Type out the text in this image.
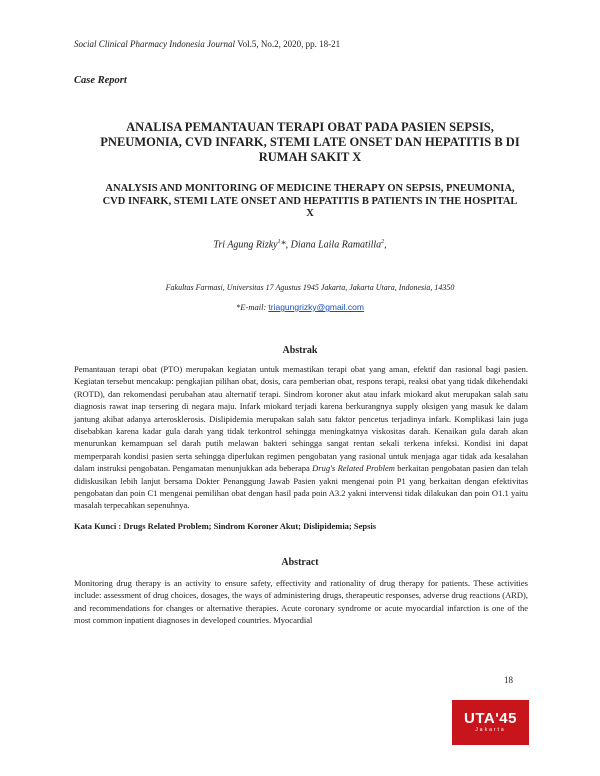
Social Clinical Pharmacy Indonesia Journal Vol.5, No.2, 2020, pp. 18-21
Case Report
ANALISA PEMANTAUAN TERAPI OBAT PADA PASIEN SEPSIS, PNEUMONIA, CVD INFARK, STEMI LATE ONSET DAN HEPATITIS B DI RUMAH SAKIT X
ANALYSIS AND MONITORING OF MEDICINE THERAPY ON SEPSIS, PNEUMONIA, CVD INFARK, STEMI LATE ONSET AND HEPATITIS B PATIENTS IN THE HOSPITAL X
Tri Agung Rizky$^1$*, Diana Laila Ramatilla$^2$,
Fakultas Farmasi, Universitas 17 Agustus 1945 Jakarta, Jakarta Utara, Indonesia, 14350
*E-mail: triagungrizky@gmail.com
Abstrak
Pemantauan terapi obat (PTO) merupakan kegiatan untuk memastikan terapi obat yang aman, efektif dan rasional bagi pasien. Kegiatan tersebut mencakup: pengkajian pilihan obat, dosis, cara pemberian obat, respons terapi, reaksi obat yang tidak dikehendaki (ROTD), dan rekomendasi perubahan atau alternatif terapi. Sindrom koroner akut atau infark miokard akut merupakan salah satu diagnosis rawat inap tersering di negara maju. Infark miokard terjadi karena berkurangnya supply oksigen yang masuk ke dalam jantung akibat adanya arterosklerosis. Dislipidemia merupakan salah satu faktor pencetus terjadinya infark. Komplikasi lain juga disebabkan karena kadar gula darah yang tidak terkontrol sehingga meningkatnya viskositas darah. Kenaikan gula darah akan menurunkan kemampuan sel darah putih melawan bakteri sehingga sangat rentan sekali terkena infeksi. Kondisi ini dapat memperparah kondisi pasien serta sehingga diperlukan regimen pengobatan yang rasional untuk menjaga agar tidak ada kesalahan dalam instruksi pengobatan. Pengamatan menunjukkan ada beberapa Drug's Related Problem berkaitan pengobatan pasien dan telah didiskusikan lebih lanjut bersama Dokter Penanggung Jawab Pasien yakni mengenai poin P1 yang berkaitan dengan efektivitas pengobatan dan poin C1 mengenai pemilihan obat dengan hasil pada poin A3.2 yakni intervensi tidak dilakukan dan poin O1.1 yaitu masalah terpecahkan sepenuhnya.
Kata Kunci : Drugs Related Problem; Sindrom Koroner Akut; Dislipidemia; Sepsis
Abstract
Monitoring drug therapy is an activity to ensure safety, effectivity and rationality of drug therapy for patients. These activities include: assessment of drug choices, dosages, the ways of administering drugs, therapeutic responses, adverse drug reactions (ARD), and recommendations for changes or alternative therapies. Acute coronary syndrome or acute myocardial infarction is one of the most common inpatient diagnoses in developed countries. Myocardial
18
UTA'45
Jakarta
